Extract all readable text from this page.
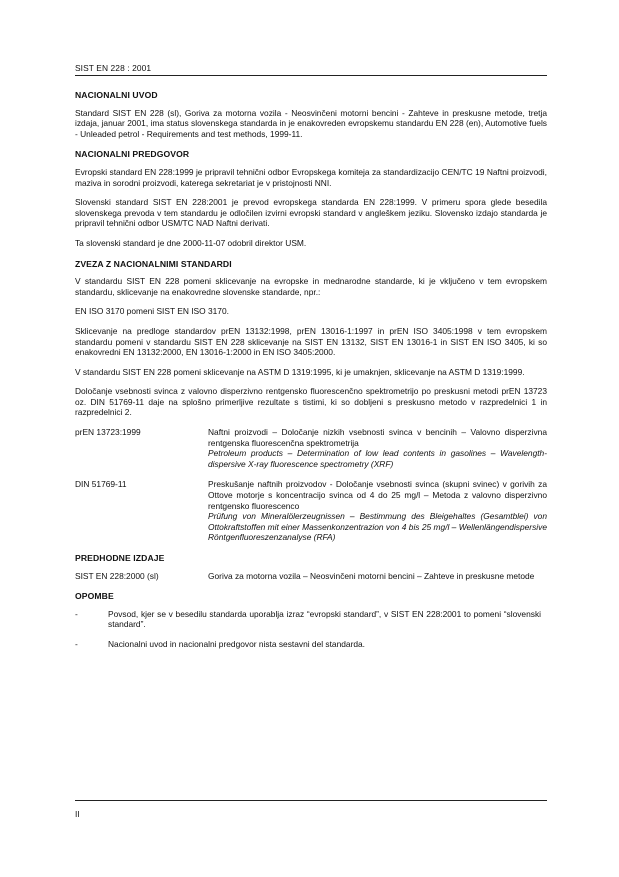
SIST EN 228 : 2001
NACIONALNI UVOD
Standard SIST EN 228 (sl), Goriva za motorna vozila - Neosvinčeni motorni bencini - Zahteve in preskusne metode, tretja izdaja, januar 2001, ima status slovenskega standarda in je enakovreden evropskemu standardu EN 228 (en), Automotive fuels - Unleaded petrol - Requirements and test methods, 1999-11.
NACIONALNI PREDGOVOR
Evropski standard EN 228:1999 je pripravil tehnični odbor Evropskega komiteja za standardizacijo CEN/TC 19 Naftni proizvodi, maziva in sorodni proizvodi, katerega sekretariat je v pristojnosti NNI.
Slovenski standard SIST EN 228:2001 je prevod evropskega standarda EN 228:1999. V primeru spora glede besedila slovenskega prevoda v tem standardu je odločilen izvirni evropski standard v angleškem jeziku. Slovensko izdajo standarda je pripravil tehnični odbor USM/TC NAD Naftni derivati.
Ta slovenski standard je dne 2000-11-07 odobril direktor USM.
ZVEZA Z NACIONALNIMI STANDARDI
V standardu SIST EN 228 pomeni sklicevanje na evropske in mednarodne standarde, ki je vključeno v tem evropskem standardu, sklicevanje na enakovredne slovenske standarde, npr.:
EN ISO 3170 pomeni SIST EN ISO 3170.
Sklicevanje na predloge standardov prEN 13132:1998, prEN 13016-1:1997 in prEN ISO 3405:1998 v tem evropskem standardu pomeni v standardu SIST EN 228 sklicevanje na SIST EN 13132, SIST EN 13016-1 in SIST EN ISO 3405, ki so enakovredni EN 13132:2000, EN 13016-1:2000 in EN ISO 3405:2000.
V standardu SIST EN 228 pomeni sklicevanje na ASTM D 1319:1995, ki je umaknjen, sklicevanje na ASTM D 1319:1999.
Določanje vsebnosti svinca z valovno disperzivno rentgensko fluorescenčno spektrometrijo po preskusni metodi prEN 13723 oz. DIN 51769-11 daje na splošno primerljive rezultate s tistimi, ki so dobljeni s preskusno metodo v razpredelnici 1 in razpredelnici 2.
prEN 13723:1999	Naftni proizvodi – Določanje nizkih vsebnosti svinca v bencinih – Valovno disperzivna rentgenska fluorescenčna spektrometrija
Petroleum products – Determination of low lead contents in gasolines – Wavelength-dispersive X-ray fluorescence spectrometry (XRF)
DIN 51769-11	Preskušanje naftnih proizvodov - Določanje vsebnosti svinca (skupni svinec) v gorivih za Ottove motorje s koncentracijo svinca od 4 do 25 mg/l – Metoda z valovno disperzivno rentgensko fluorescenco
Prüfung von Mineralölerzeugnissen – Bestimmung des Bleigehaltes (Gesamtblei) von Ottokraftstoffen mit einer Massenkonzentrazion von 4 bis 25 mg/l – Wellenlängendispersive Röntgenfluoreszenzanalyse (RFA)
PREDHODNE IZDAJE
SIST EN 228:2000 (sl)	Goriva za motorna vozila – Neosvinčeni motorni bencini – Zahteve in preskusne metode
OPOMBE
-	Povsod, kjer se v besedilu standarda uporablja izraz “evropski standard”, v SIST EN 228:2001 to pomeni “slovenski standard”.
-	Nacionalni uvod in nacionalni predgovor nista sestavni del standarda.
II
